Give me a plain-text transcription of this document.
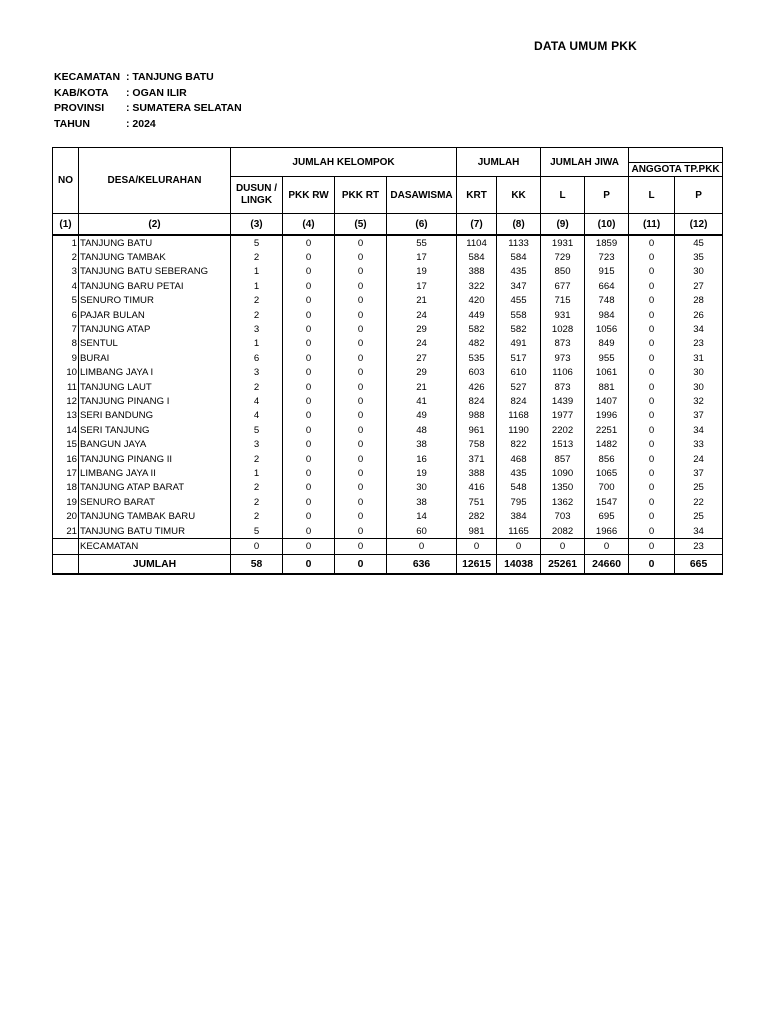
DATA UMUM PKK
KECAMATAN : TANJUNG BATU
KAB/KOTA	: OGAN ILIR
PROVINSI	: SUMATERA SELATAN
TAHUN	: 2024
NO	DESA/KELURAHAN	JUMLAH KELOMPOK				JUMLAH		JUMLAH JIWA		ANGGOTA TP.PKK	

		DUSUN /
LINGK	PKK RW	PKK RT	DASAWISMA	KRT	KK	L	P	L	P
(1)	(2)	(3)	(4)	(5)	(6)	(7)	(8)	(9)	(10)	(11)	(12)
1	TANJUNG BATU	5	0	0	55	1104	1133	1931	1859	0	45
2	TANJUNG TAMBAK	2	0	0	17	584	584	729	723	0	35
3	TANJUNG BATU SEBERANG	1	0	0	19	388	435	850	915	0	30
4	TANJUNG BARU PETAI	1	0	0	17	322	347	677	664	0	27
5	SENURO TIMUR	2	0	0	21	420	455	715	748	0	28
6	PAJAR BULAN	2	0	0	24	449	558	931	984	0	26
7	TANJUNG ATAP	3	0	0	29	582	582	1028	1056	0	34
8	SENTUL	1	0	0	24	482	491	873	849	0	23
9	BURAI	6	0	0	27	535	517	973	955	0	31
10	LIMBANG JAYA I	3	0	0	29	603	610	1106	1061	0	30
11	TANJUNG LAUT	2	0	0	21	426	527	873	881	0	30
12	TANJUNG PINANG I	4	0	0	41	824	824	1439	1407	0	32
13	SERI BANDUNG	4	0	0	49	988	1168	1977	1996	0	37
14	SERI TANJUNG	5	0	0	48	961	1190	2202	2251	0	34
15	BANGUN JAYA	3	0	0	38	758	822	1513	1482	0	33
16	TANJUNG PINANG II	2	0	0	16	371	468	857	856	0	24
17	LIMBANG JAYA II	1	0	0	19	388	435	1090	1065	0	37
18	TANJUNG ATAP BARAT	2	0	0	30	416	548	1350	700	0	25
19	SENURO BARAT	2	0	0	38	751	795	1362	1547	0	22
20	TANJUNG TAMBAK BARU	2	0	0	14	282	384	703	695	0	25
21	TANJUNG BATU TIMUR	5	0	0	60	981	1165	2082	1966	0	34
	KECAMATAN	0	0	0	0	0	0	0	0	0	23
	JUMLAH	58	0	0	636	12615	14038	25261	24660	0	665
